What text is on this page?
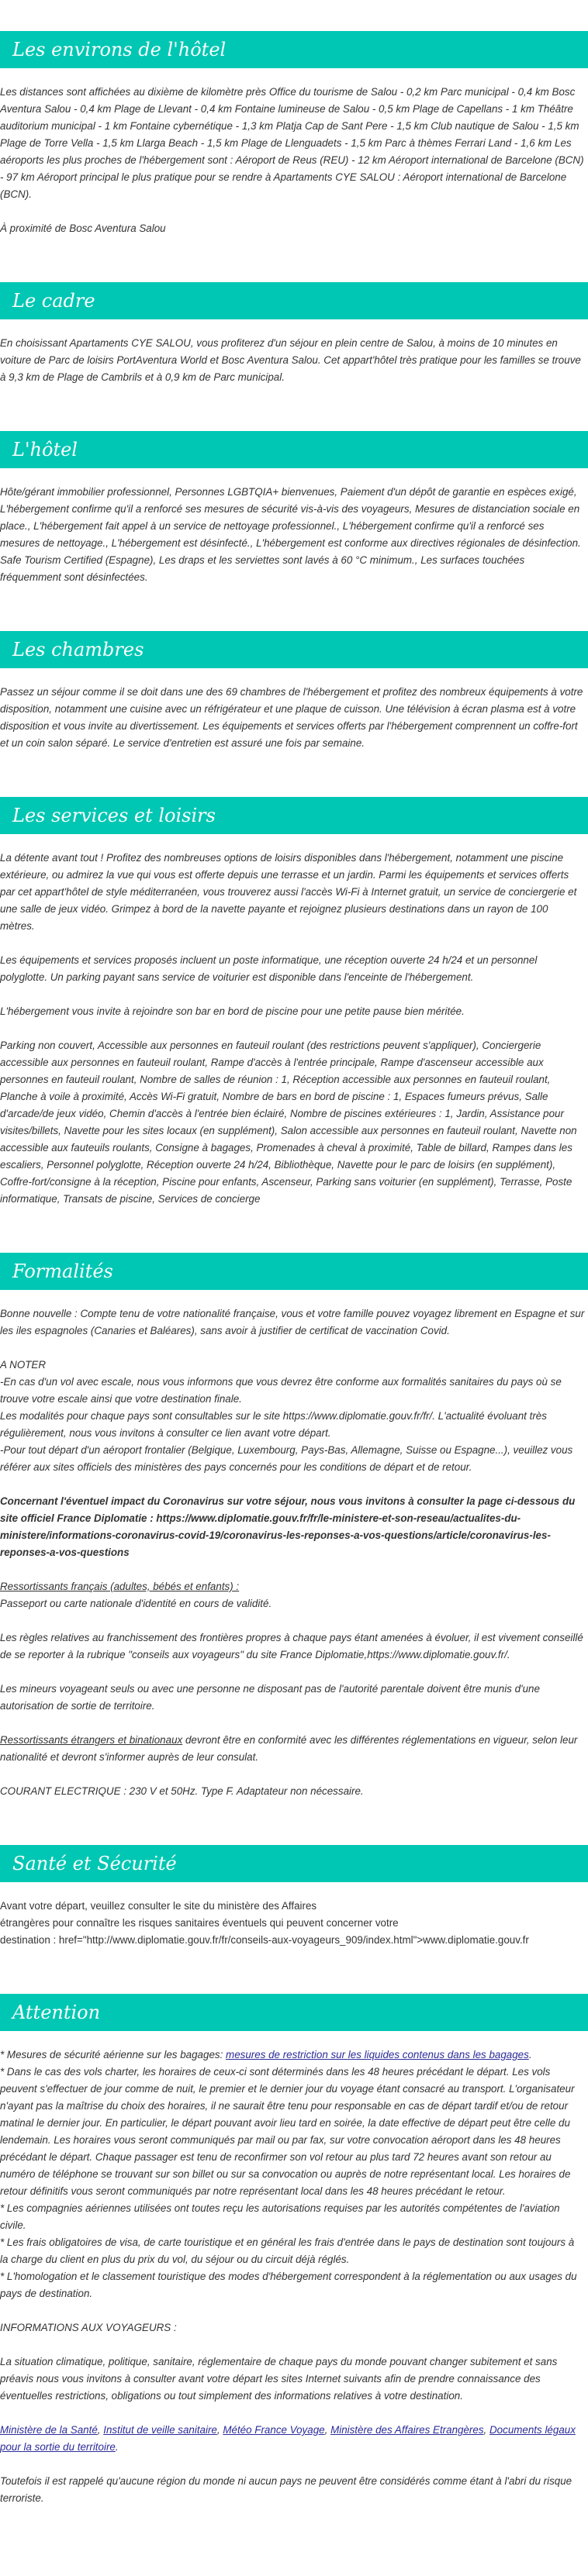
Les environs de l'hôtel

Les distances sont affichées au dixième de kilomètre près Office du tourisme de Salou - 0,2 km Parc municipal - 0,4 km Bosc Aventura Salou - 0,4 km Plage de Llevant - 0,4 km Fontaine lumineuse de Salou - 0,5 km Plage de Capellans - 1 km Théâtre auditorium municipal - 1 km Fontaine cybernétique - 1,3 km Platja Cap de Sant Pere - 1,5 km Club nautique de Salou - 1,5 km Plage de Torre Vella - 1,5 km Llarga Beach - 1,5 km Plage de Llenguadets - 1,5 km Parc à thèmes Ferrari Land - 1,6 km Les aéroports les plus proches de l'hébergement sont : Aéroport de Reus (REU) - 12 km Aéroport international de Barcelone (BCN) - 97 km Aéroport principal le plus pratique pour se rendre à Apartaments CYE SALOU : Aéroport international de Barcelone (BCN).

À proximité de Bosc Aventura Salou

Le cadre

En choisissant Apartaments CYE SALOU, vous profiterez d'un séjour en plein centre de Salou, à moins de 10 minutes en voiture de Parc de loisirs PortAventura World et Bosc Aventura Salou. Cet appart'hôtel très pratique pour les familles se trouve à 9,3 km de Plage de Cambrils et à 0,9 km de Parc municipal.

L'hôtel

Hôte/gérant immobilier professionnel, Personnes LGBTQIA+ bienvenues, Paiement d'un dépôt de garantie en espèces exigé, L'hébergement confirme qu'il a renforcé ses mesures de sécurité vis-à-vis des voyageurs, Mesures de distanciation sociale en place., L'hébergement fait appel à un service de nettoyage professionnel., L'hébergement confirme qu'il a renforcé ses mesures de nettoyage., L'hébergement est désinfecté., L'hébergement est conforme aux directives régionales de désinfection. Safe Tourism Certified (Espagne), Les draps et les serviettes sont lavés à 60 °C minimum., Les surfaces touchées fréquemment sont désinfectées.

Les chambres

Passez un séjour comme il se doit dans une des 69 chambres de l'hébergement et profitez des nombreux équipements à votre disposition, notamment une cuisine avec un réfrigérateur et une plaque de cuisson. Une télévision à écran plasma est à votre disposition et vous invite au divertissement. Les équipements et services offerts par l'hébergement comprennent un coffre-fort et un coin salon séparé. Le service d'entretien est assuré une fois par semaine.

Les services et loisirs

La détente avant tout ! Profitez des nombreuses options de loisirs disponibles dans l'hébergement, notamment une piscine extérieure, ou admirez la vue qui vous est offerte depuis une terrasse et un jardin. Parmi les équipements et services offerts par cet appart'hôtel de style méditerranéen, vous trouverez aussi l'accès Wi-Fi à Internet gratuit, un service de conciergerie et une salle de jeux vidéo. Grimpez à bord de la navette payante et rejoignez plusieurs destinations dans un rayon de 100 mètres.

Les équipements et services proposés incluent un poste informatique, une réception ouverte 24 h/24 et un personnel polyglotte. Un parking payant sans service de voiturier est disponible dans l'enceinte de l'hébergement.

L'hébergement vous invite à rejoindre son bar en bord de piscine pour une petite pause bien méritée.

Parking non couvert, Accessible aux personnes en fauteuil roulant (des restrictions peuvent s'appliquer), Conciergerie accessible aux personnes en fauteuil roulant, Rampe d'accès à l'entrée principale, Rampe d'ascenseur accessible aux personnes en fauteuil roulant, Nombre de salles de réunion : 1, Réception accessible aux personnes en fauteuil roulant, Planche à voile à proximité, Accès Wi-Fi gratuit, Nombre de bars en bord de piscine : 1, Espaces fumeurs prévus, Salle d'arcade/de jeux vidéo, Chemin d'accès à l'entrée bien éclairé, Nombre de piscines extérieures : 1, Jardin, Assistance pour visites/billets, Navette pour les sites locaux (en supplément), Salon accessible aux personnes en fauteuil roulant, Navette non accessible aux fauteuils roulants, Consigne à bagages, Promenades à cheval à proximité, Table de billard, Rampes dans les escaliers, Personnel polyglotte, Réception ouverte 24 h/24, Bibliothèque, Navette pour le parc de loisirs (en supplément), Coffre-fort/consigne à la réception, Piscine pour enfants, Ascenseur, Parking sans voiturier (en supplément), Terrasse, Poste informatique, Transats de piscine, Services de concierge

Formalités

Bonne nouvelle : Compte tenu de votre nationalité française, vous et votre famille pouvez voyagez librement en Espagne et sur les iles espagnoles (Canaries et Baléares), sans avoir à justifier de certificat de vaccination Covid.

A NOTER

-En cas d'un vol avec escale, nous vous informons que vous devrez être conforme aux formalités sanitaires du pays où se trouve votre escale ainsi que votre destination finale.

Les modalités pour chaque pays sont consultables sur le site https://www.diplomatie.gouv.fr/fr/. L'actualité évoluant très régulièrement, nous vous invitons à consulter ce lien avant votre départ.

-Pour tout départ d'un aéroport frontalier (Belgique, Luxembourg, Pays-Bas, Allemagne, Suisse ou Espagne...), veuillez vous référer aux sites officiels des ministères des pays concernés pour les conditions de départ et de retour.

Concernant l'éventuel impact du Coronavirus sur votre séjour, nous vous invitons à consulter la page ci-dessous du site officiel France Diplomatie : https://www.diplomatie.gouv.fr/fr/le-ministere-et-son-reseau/actualites-du-ministere/informations-coronavirus-covid-19/coronavirus-les-reponses-a-vos-questions/article/coronavirus-les-reponses-a-vos-questions

Ressortissants français (adultes, bébés et enfants) :

Passeport ou carte nationale d'identité en cours de validité.

Les règles relatives au franchissement des frontières propres à chaque pays étant amenées à évoluer, il est vivement conseillé de se reporter à la rubrique "conseils aux voyageurs" du site France Diplomatie,https://www.diplomatie.gouv.fr/.

Les mineurs voyageant seuls ou avec une personne ne disposant pas de l'autorité parentale doivent être munis d'une autorisation de sortie de territoire.

Ressortissants étrangers et binationaux devront être en conformité avec les différentes réglementations en vigueur, selon leur nationalité et devront s'informer auprès de leur consulat.

COURANT ELECTRIQUE : 230 V et 50Hz. Type F. Adaptateur non nécessaire.

Santé et Sécurité

Avant votre départ, veuillez consulter le site du ministère des Affaires

étrangères pour connaître les risques sanitaires éventuels qui peuvent concerner votre

destination : href="http://www.diplomatie.gouv.fr/fr/conseils-aux-voyageurs_909/index.html">www.diplomatie.gouv.fr

Attention

* Mesures de sécurité aérienne sur les bagages: mesures de restriction sur les liquides contenus dans les bagages.

* Dans le cas des vols charter, les horaires de ceux-ci sont déterminés dans les 48 heures précédant le départ. Les vols peuvent s'effectuer de jour comme de nuit, le premier et le dernier jour du voyage étant consacré au transport. L'organisateur n'ayant pas la maîtrise du choix des horaires, il ne saurait être tenu pour responsable en cas de départ tardif et/ou de retour matinal le dernier jour. En particulier, le départ pouvant avoir lieu tard en soirée, la date effective de départ peut être celle du lendemain. Les horaires vous seront communiqués par mail ou par fax, sur votre convocation aéroport dans les 48 heures précédant le départ. Chaque passager est tenu de reconfirmer son vol retour au plus tard 72 heures avant son retour au numéro de téléphone se trouvant sur son billet ou sur sa convocation ou auprès de notre représentant local. Les horaires de retour définitifs vous seront communiqués par notre représentant local dans les 48 heures précédant le retour.

* Les compagnies aériennes utilisées ont toutes reçu les autorisations requises par les autorités compétentes de l'aviation civile.

* Les frais obligatoires de visa, de carte touristique et en général les frais d'entrée dans le pays de destination sont toujours à la charge du client en plus du prix du vol, du séjour ou du circuit déjà réglés.

* L'homologation et le classement touristique des modes d'hébergement correspondent à la réglementation ou aux usages du pays de destination.

INFORMATIONS AUX VOYAGEURS :

La situation climatique, politique, sanitaire, réglementaire de chaque pays du monde pouvant changer subitement et sans préavis nous vous invitons à consulter avant votre départ les sites Internet suivants afin de prendre connaissance des éventuelles restrictions, obligations ou tout simplement des informations relatives à votre destination.

Ministère de la Santé, Institut de veille sanitaire, Météo France Voyage, Ministère des Affaires Etrangères, Documents légaux pour la sortie du territoire.

Toutefois il est rappelé qu'aucune région du monde ni aucun pays ne peuvent être considérés comme étant à l'abri du risque terroriste.
